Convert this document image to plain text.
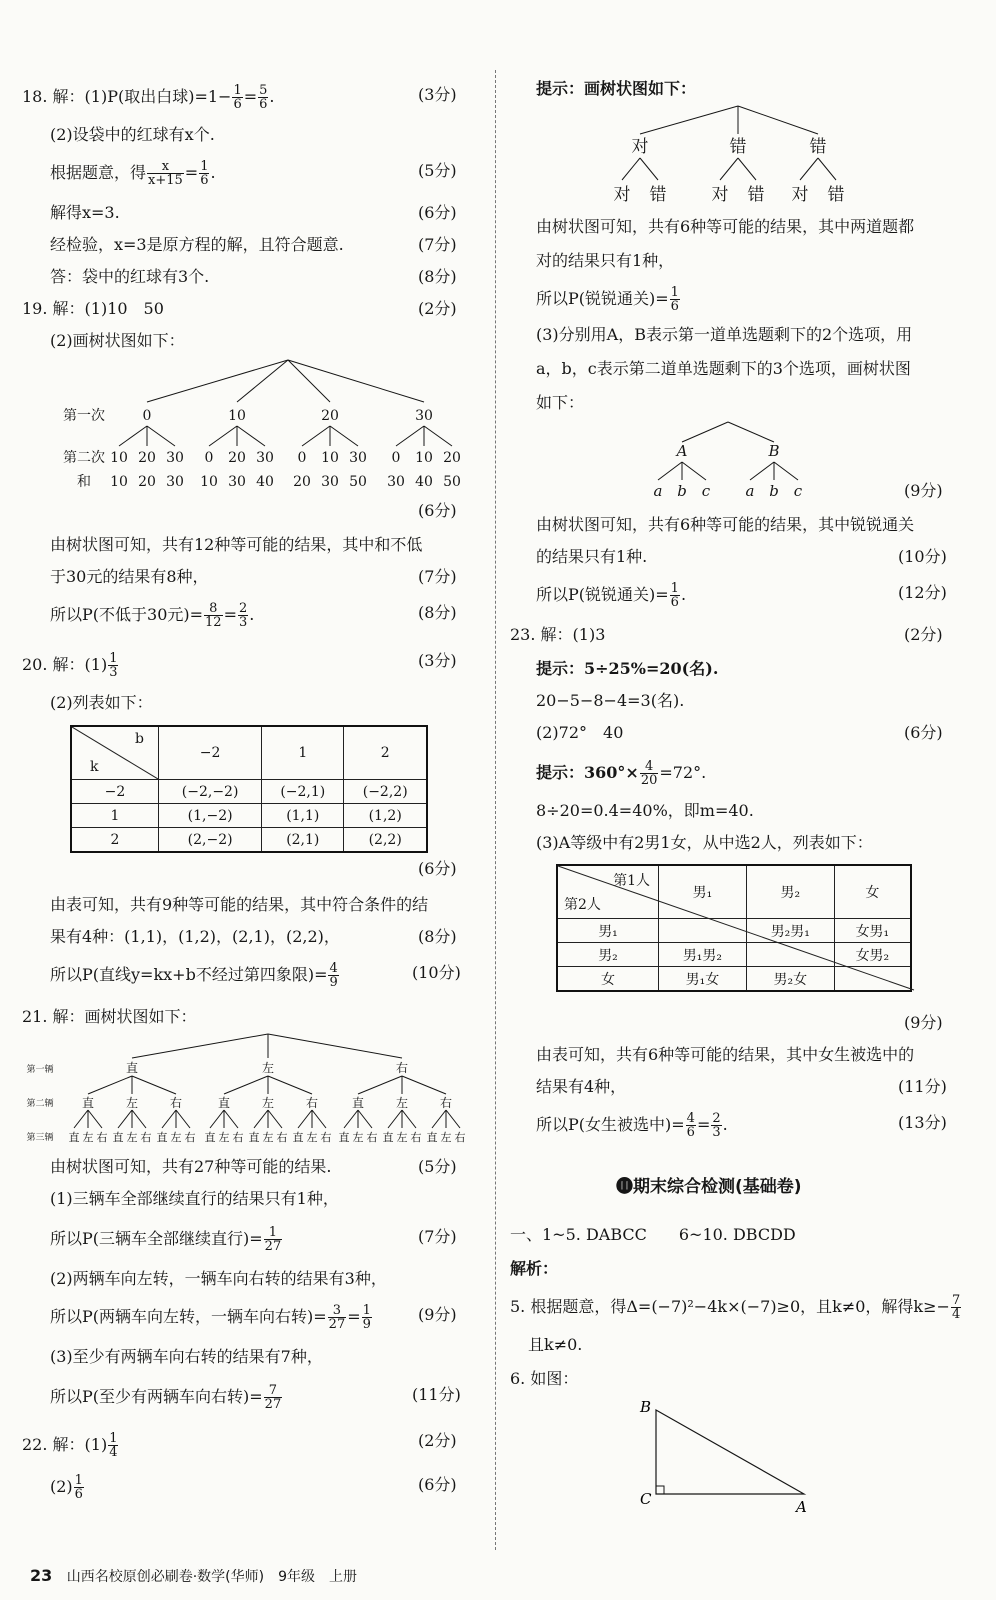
18. 解：(1)P(取出白球)$=1- \frac{1}{6} = \frac{5}{6}$ .	(3分)
(2)设袋中的红球有x个.
根据题意，得 $\frac{x}{x+15} = \frac{1}{6}$ .	(5分)
解得x=3.	(6分)
经检验，x=3是原方程的解，且符合题意.	(7分)
答：袋中的红球有3个.	(8分)
19. 解：(1)10　50	(2分)
(2)画树状图如下：
第一次
第二次
和
0
10
10
20
20
30
30
10
0
10
20
30
30
40
20
0
20
10
30
30
50
30
0
30
10
40
20
50
(6分)
由树状图可知，共有12种等可能的结果，其中和不低
于30元的结果有8种，	(7分)
所以P(不低于30元)= $\frac{8}{12} = \frac{2}{3}$ .	(8分)
20. 解：$(1) \frac{1}{3}$	(3分)
(2)列表如下：
b
k	−2	1	2
−2	(−2,−2)	(−2,1)	(−2,2)
1	(1,−2)	(1,1)	(1,2)
2	(2,−2)	(2,1)	(2,2)
(6分)
由表可知，共有9种等可能的结果，其中符合条件的结
果有4种：(1,1)，(1,2)，(2,1)，(2,2)，	(8分)
所以P(直线y=kx+b不经过第四象限)= $\frac{4}{9}$	(10分)
21. 解：画树状图如下：
第一辆
第二辆
第三辆
直
直
直 左 右
左
直 左 右
右
直 左 右
左
直
直 左 右
左
直 左 右
右
直 左 右
右
直
直 左 右
左
直 左 右
右
直 左 右
由树状图可知，共有27种等可能的结果.	(5分)
(1)三辆车全部继续直行的结果只有1种，
所以P(三辆车全部继续直行)= $\frac{1}{27}$	(7分)
(2)两辆车向左转，一辆车向右转的结果有3种，
所以P(两辆车向左转，一辆车向右转)= $\frac{3}{27} = \frac{1}{9}$	(9分)
(3)至少有两辆车向右转的结果有7种，
所以P(至少有两辆车向右转)= $\frac{7}{27}$	(11分)
22. 解：$(1) \frac{1}{4}$	(2分)
$(2) \frac{1}{6}$	(6分)
提示：画树状图如下：
对
对 错
错
对 错
错
对 错
由树状图可知，共有6种等可能的结果，其中两道题都
对的结果只有1种，
所以P(锐锐通关)= $\frac{1}{6}$
(3)分别用A，B表示第一道单选题剩下的2个选项，用
a，b，c表示第二道单选题剩下的3个选项，画树状图
如下：
A
a b c
B
a b c	(9分)
由树状图可知，共有6种等可能的结果，其中锐锐通关
的结果只有1种.	(10分)
所以P(锐锐通关)= $\frac{1}{6}$ .	(12分)
23. 解：(1)3	(2分)
提示：5÷25%=20(名).
20−5−8−4=3(名).
(2)72°　40	(6分)
提示：$360^\circ\times \frac{4}{20} =72^\circ$.
8÷20=0.4=40%，即m=40.
(3)A等级中有2男1女，从中选2人，列表如下：
第1人
第2人	男₁	男₂	女
男₁		男₂男₁	女男₁
男₂	男₁男₂		女男₂
女	男₁女	男₂女	
(9分)
由表可知，共有6种等可能的结果，其中女生被选中的
结果有4种，	(11分)
所以P(女生被选中)= $\frac{4}{6} = \frac{2}{3}$ .	(13分)
⓫期末综合检测(基础卷)
一、1~5. DABCC　　6~10. DBCDD
解析：
5. 根据题意，得Δ=(−7)²−4k×(−7)≥0，且k≠0，解得$k\ge- \frac{7}{4}$
且k≠0.
6. 如图：
B
C	A
23 山西名校原创必刷卷·数学(华师)　9年级　上册
